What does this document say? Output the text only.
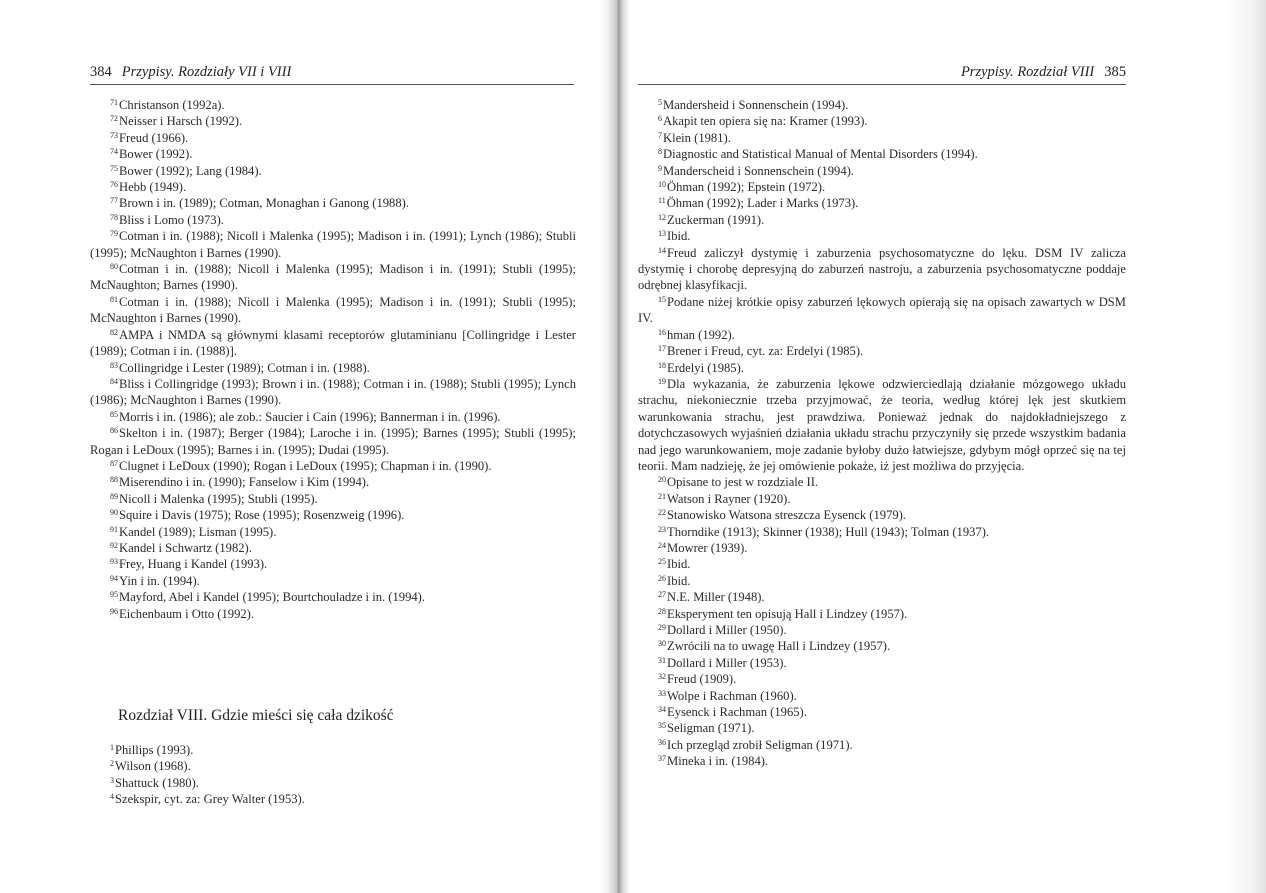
384 Przypisy. Rozdziały VII i VIII

$^{71}$Christanson (1992a).

$^{72}$Neisser i Harsch (1992).

$^{73}$Freud (1966).

$^{74}$Bower (1992).

$^{75}$Bower (1992); Lang (1984).

$^{76}$Hebb (1949).

$^{77}$Brown i in. (1989); Cotman, Monaghan i Ganong (1988).

$^{78}$Bliss i Lomo (1973).

$^{79}$Cotman i in. (1988); Nicoll i Malenka (1995); Madison i in. (1991); Lynch (1986); Stubli (1995); McNaughton i Barnes (1990).

$^{80}$Cotman i in. (1988); Nicoll i Malenka (1995); Madison i in. (1991); Stubli (1995); McNaughton; Barnes (1990).

$^{81}$Cotman i in. (1988); Nicoll i Malenka (1995); Madison i in. (1991); Stubli (1995); McNaughton i Barnes (1990).

$^{82}$AMPA i NMDA są głównymi klasami receptorów glutaminianu [Collingridge i Lester (1989); Cotman i in. (1988)].

$^{83}$Collingridge i Lester (1989); Cotman i in. (1988).

$^{84}$Bliss i Collingridge (1993); Brown i in. (1988); Cotman i in. (1988); Stubli (1995); Lynch (1986); McNaughton i Barnes (1990).

$^{85}$Morris i in. (1986); ale zob.: Saucier i Cain (1996); Bannerman i in. (1996).

$^{86}$Skelton i in. (1987); Berger (1984); Laroche i in. (1995); Barnes (1995); Stubli (1995); Rogan i LeDoux (1995); Barnes i in. (1995); Dudai (1995).

$^{87}$Clugnet i LeDoux (1990); Rogan i LeDoux (1995); Chapman i in. (1990).

$^{88}$Miserendino i in. (1990); Fanselow i Kim (1994).

$^{89}$Nicoll i Malenka (1995); Stubli (1995).

$^{90}$Squire i Davis (1975); Rose (1995); Rosenzweig (1996).

$^{91}$Kandel (1989); Lisman (1995).

$^{92}$Kandel i Schwartz (1982).

$^{93}$Frey, Huang i Kandel (1993).

$^{94}$Yin i in. (1994).

$^{95}$Mayford, Abel i Kandel (1995); Bourtchouladze i in. (1994).

$^{96}$Eichenbaum i Otto (1992).

Rozdział VIII. Gdzie mieści się cała dzikość

$^1$Phillips (1993).

$^2$Wilson (1968).

$^3$Shattuck (1980).

$^4$Szekspir, cyt. za: Grey Walter (1953).

Przypisy. Rozdział VIII 385

$^5$Mandersheid i Sonnenschein (1994).

$^6$Akapit ten opiera się na: Kramer (1993).

$^7$Klein (1981).

$^8$Diagnostic and Statistical Manual of Mental Disorders (1994).

$^9$Manderscheid i Sonnenschein (1994).

$^{10}$Öhman (1992); Epstein (1972).

$^{11}$Öhman (1992); Lader i Marks (1973).

$^{12}$Zuckerman (1991).

$^{13}$Ibid.

$^{14}$Freud zaliczył dystymię i zaburzenia psychosomatyczne do lęku. DSM IV zalicza dystymię i chorobę depresyjną do zaburzeń nastroju, a zaburzenia psychosomatyczne poddaje odrębnej klasyfikacji.

$^{15}$Podane niżej krótkie opisy zaburzeń lękowych opierają się na opisach zawartych w DSM IV.

$^{16}$hman (1992).

$^{17}$Brener i Freud, cyt. za: Erdelyi (1985).

$^{18}$Erdelyi (1985).

$^{19}$Dla wykazania, że zaburzenia lękowe odzwierciedlają działanie mózgowego układu strachu, niekoniecznie trzeba przyjmować, że teoria, według której lęk jest skutkiem warunkowania strachu, jest prawdziwa. Ponieważ jednak do najdokładniejszego z dotychczasowych wyjaśnień działania układu strachu przyczyniły się przede wszystkim badania nad jego warunkowaniem, moje zadanie byłoby dużo łatwiejsze, gdybym mógł oprzeć się na tej teorii. Mam nadzieję, że jej omówienie pokaże, iż jest możliwa do przyjęcia.

$^{20}$Opisane to jest w rozdziale II.

$^{21}$Watson i Rayner (1920).

$^{22}$Stanowisko Watsona streszcza Eysenck (1979).

$^{23}$Thorndike (1913); Skinner (1938); Hull (1943); Tolman (1937).

$^{24}$Mowrer (1939).

$^{25}$Ibid.

$^{26}$Ibid.

$^{27}$N.E. Miller (1948).

$^{28}$Eksperyment ten opisują Hall i Lindzey (1957).

$^{29}$Dollard i Miller (1950).

$^{30}$Zwrócili na to uwagę Hall i Lindzey (1957).

$^{31}$Dollard i Miller (1953).

$^{32}$Freud (1909).

$^{33}$Wolpe i Rachman (1960).

$^{34}$Eysenck i Rachman (1965).

$^{35}$Seligman (1971).

$^{36}$Ich przegląd zrobił Seligman (1971).

$^{37}$Mineka i in. (1984).
